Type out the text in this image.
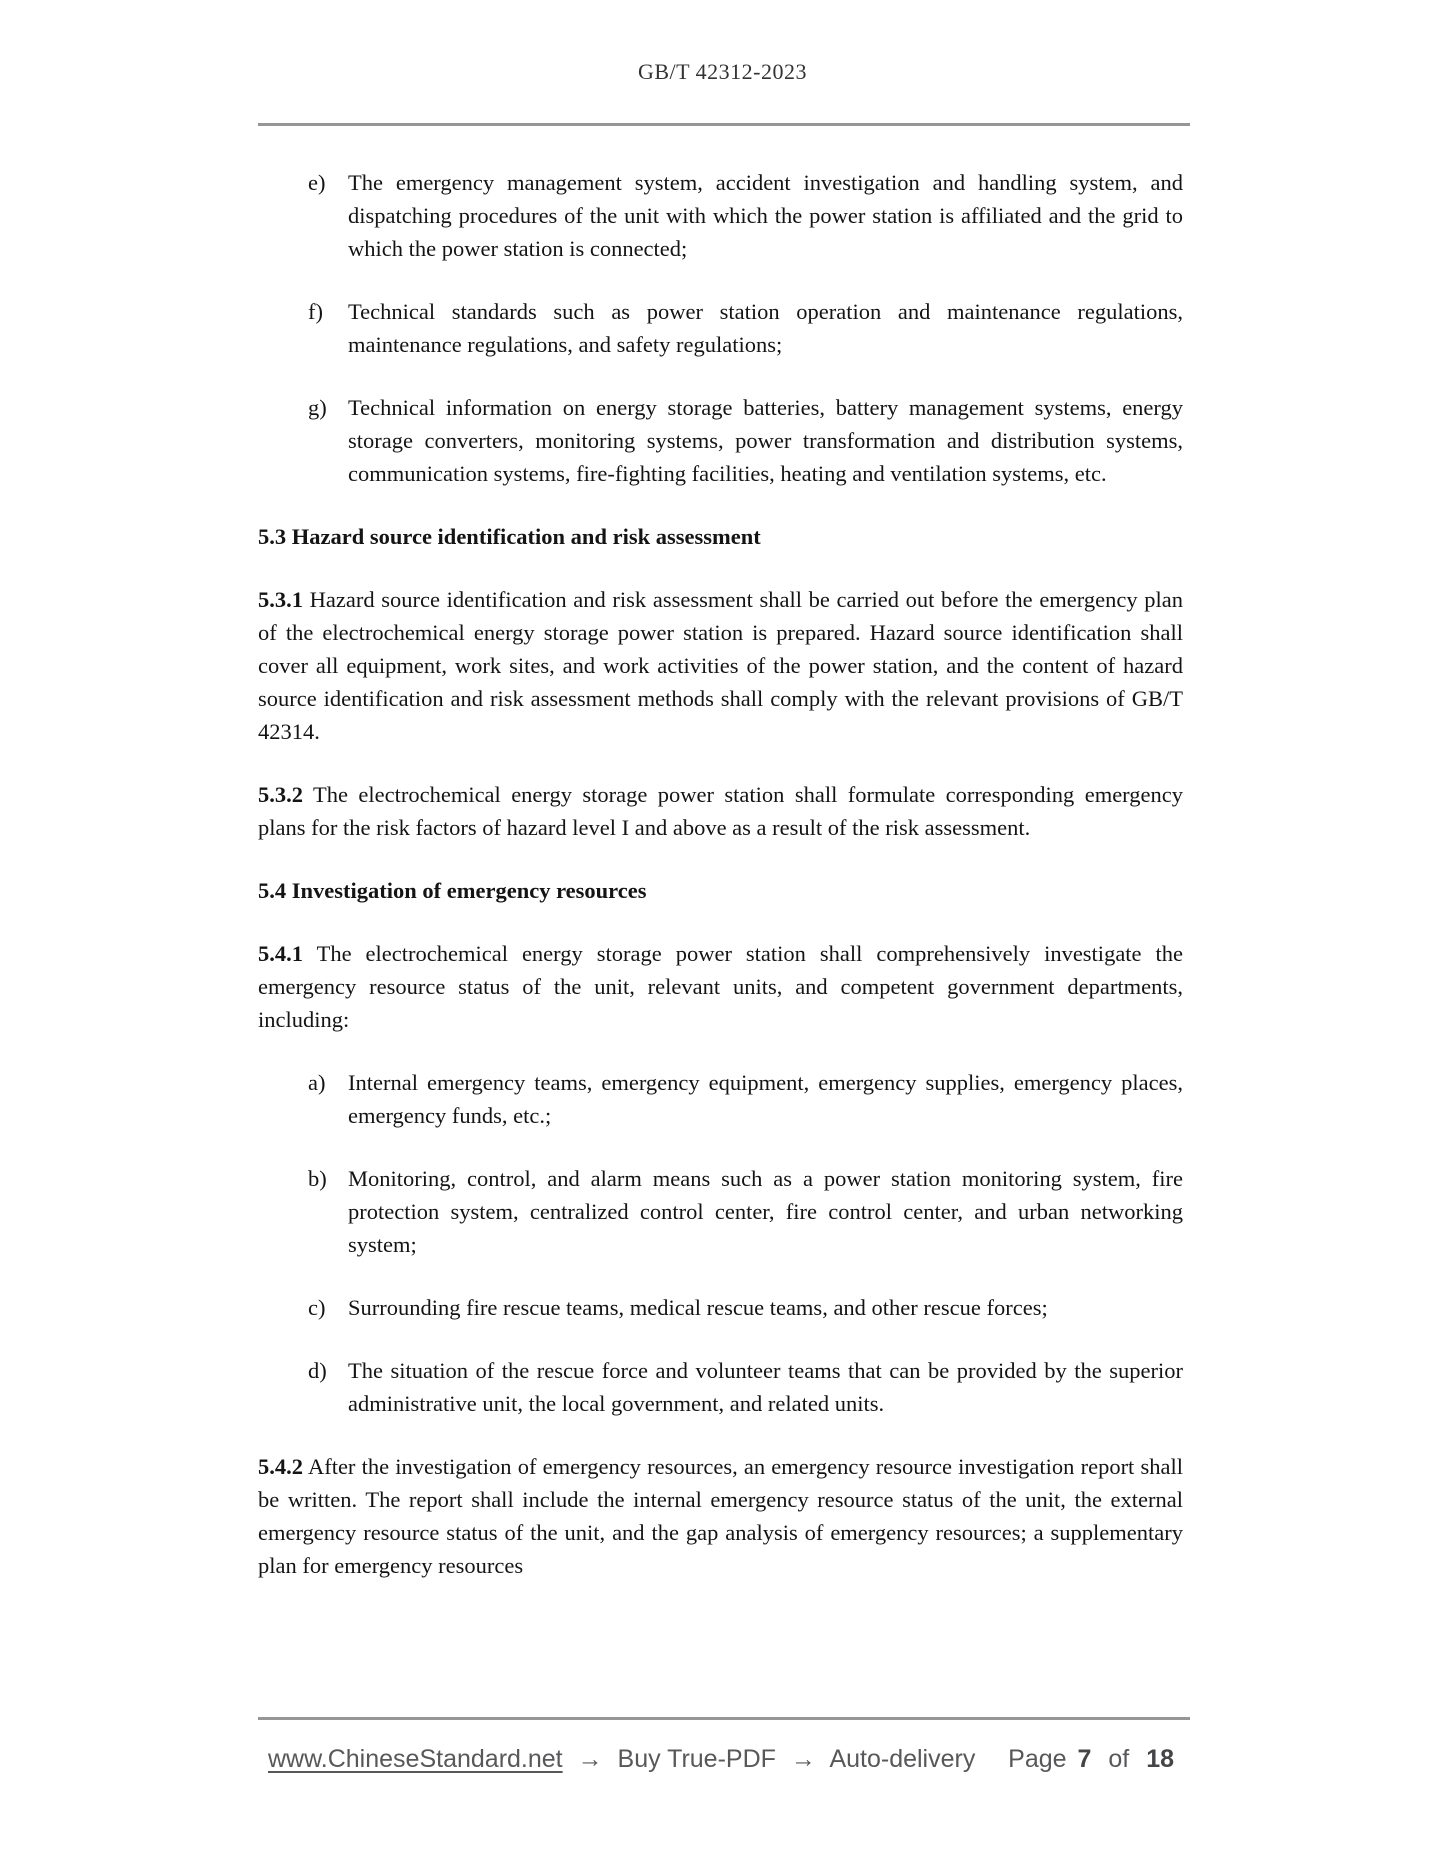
GB/T 42312-2023
e) The emergency management system, accident investigation and handling system, and dispatching procedures of the unit with which the power station is affiliated and the grid to which the power station is connected;
f) Technical standards such as power station operation and maintenance regulations, maintenance regulations, and safety regulations;
g) Technical information on energy storage batteries, battery management systems, energy storage converters, monitoring systems, power transformation and distribution systems, communication systems, fire-fighting facilities, heating and ventilation systems, etc.
5.3 Hazard source identification and risk assessment
5.3.1 Hazard source identification and risk assessment shall be carried out before the emergency plan of the electrochemical energy storage power station is prepared. Hazard source identification shall cover all equipment, work sites, and work activities of the power station, and the content of hazard source identification and risk assessment methods shall comply with the relevant provisions of GB/T 42314.
5.3.2 The electrochemical energy storage power station shall formulate corresponding emergency plans for the risk factors of hazard level I and above as a result of the risk assessment.
5.4 Investigation of emergency resources
5.4.1 The electrochemical energy storage power station shall comprehensively investigate the emergency resource status of the unit, relevant units, and competent government departments, including:
a) Internal emergency teams, emergency equipment, emergency supplies, emergency places, emergency funds, etc.;
b) Monitoring, control, and alarm means such as a power station monitoring system, fire protection system, centralized control center, fire control center, and urban networking system;
c) Surrounding fire rescue teams, medical rescue teams, and other rescue forces;
d) The situation of the rescue force and volunteer teams that can be provided by the superior administrative unit, the local government, and related units.
5.4.2 After the investigation of emergency resources, an emergency resource investigation report shall be written. The report shall include the internal emergency resource status of the unit, the external emergency resource status of the unit, and the gap analysis of emergency resources; a supplementary plan for emergency resources
www.ChineseStandard.net → Buy True-PDF → Auto-delivery Page 7 of 18
